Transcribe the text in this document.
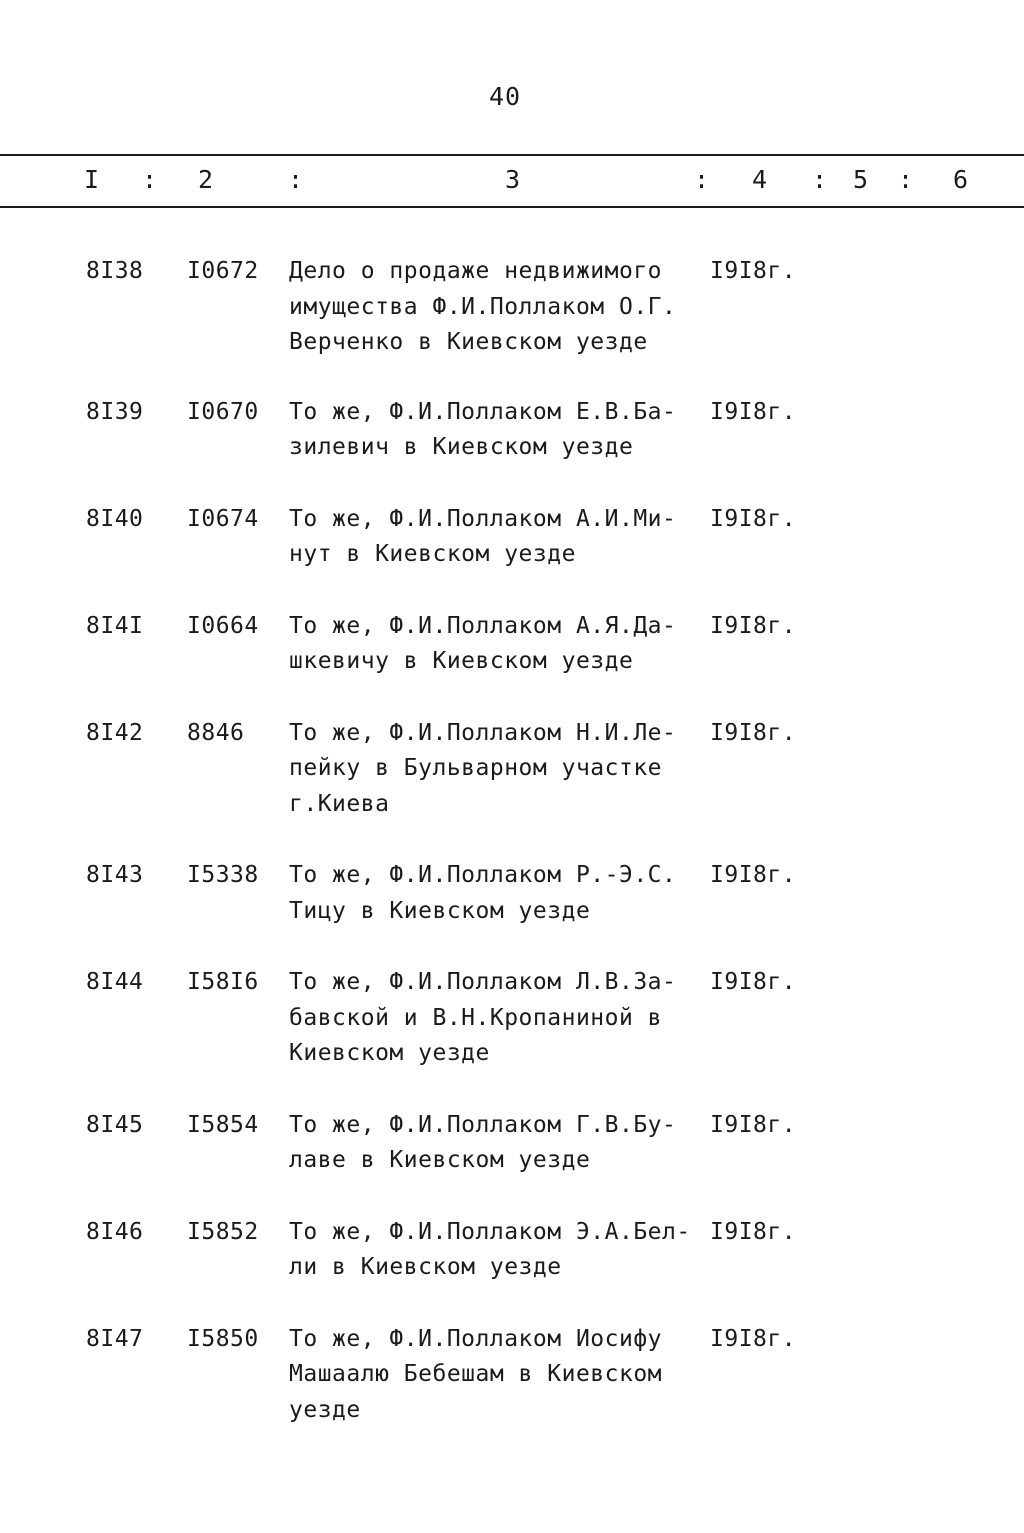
40
I : 2	:	3	: 4 : 5 : 6
8I38	I0672	Дело о продаже недвижимого
имущества Ф.И.Поллаком О.Г.
Верченко в Киевском уезде
I9I8г.
8I39	I0670	То же, Ф.И.Поллаком Е.В.Ба-
зилевич в Киевском уезде
I9I8г.
8I40	I0674	То же, Ф.И.Поллаком А.И.Ми-
нут в Киевском уезде
I9I8г.
8I4I	I0664	То же, Ф.И.Поллаком А.Я.Да-
шкевичу в Киевском уезде
I9I8г.
8I42	8846	То же, Ф.И.Поллаком Н.И.Ле-
пейку в Бульварном участке
г.Киева
I9I8г.
8I43	I5338	То же, Ф.И.Поллаком Р.-Э.С.
Тицу в Киевском уезде
I9I8г.
8I44	I58I6	То же, Ф.И.Поллаком Л.В.За-
бавской и В.Н.Кропаниной в
Киевском уезде
I9I8г.
8I45	I5854	То же, Ф.И.Поллаком Г.В.Бу-
лаве в Киевском уезде
I9I8г.
8I46	I5852	То же, Ф.И.Поллаком Э.А.Бел-
ли в Киевском уезде
I9I8г.
8I47	I5850	То же, Ф.И.Поллаком Иосифу
Машаалю Бебешам в Киевском
уезде
I9I8г.
